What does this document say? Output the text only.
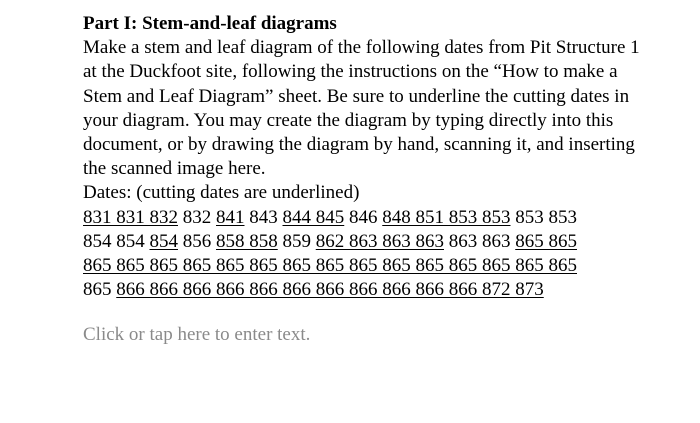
Part I: Stem-and-leaf diagrams

Make a stem and leaf diagram of the following dates from Pit Structure 1 at the Duckfoot site, following the instructions on the “How to make a Stem and Leaf Diagram” sheet. Be sure to underline the cutting dates in your diagram. You may create the diagram by typing directly into this document, or by drawing the diagram by hand, scanning it, and inserting the scanned image here.

Dates: (cutting dates are underlined)

831 831 832 832 841 843 844 845 846 848 851 853 853 853 853
854 854 854 856 858 858 859 862 863 863 863 863 863 865 865
865 865 865 865 865 865 865 865 865 865 865 865 865 865 865
865 866 866 866 866 866 866 866 866 866 866 866 872 873

Click or tap here to enter text.
